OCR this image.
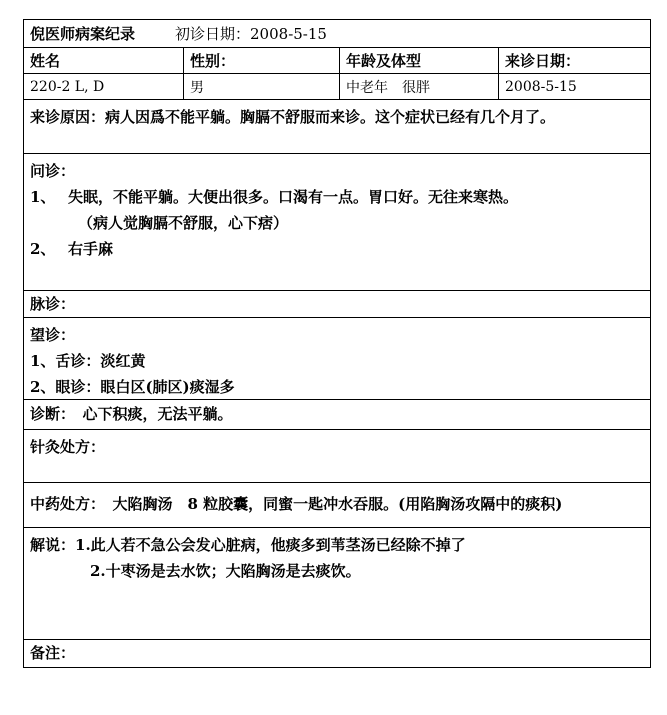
倪医师病案纪录	初诊日期：2008-5-15
姓名	性别：	年龄及体型	来诊日期：
220-2 L, D	男	中老年　很胖	2008-5-15
来诊原因：病人因爲不能平躺。胸膈不舒服而来诊。这个症状已经有几个月了。
问诊：
1、 失眠，不能平躺。大便出很多。口渴有一点。胃口好。无往来寒热。
（病人觉胸膈不舒服，心下痞）
2、 右手麻
脉诊：
望诊：
1、舌诊：淡红黄
2、眼诊：眼白区(肺区)痰湿多
诊断：　心下积痰，无法平躺。
针灸处方：
中药处方：　大陷胸汤　8 粒胶囊，同蜜一匙冲水吞服。(用陷胸汤攻隔中的痰积)
解说：1.此人若不急公会发心脏病，他痰多到苇茎汤已经除不掉了
2.十枣汤是去水饮；大陷胸汤是去痰饮。
备注：
